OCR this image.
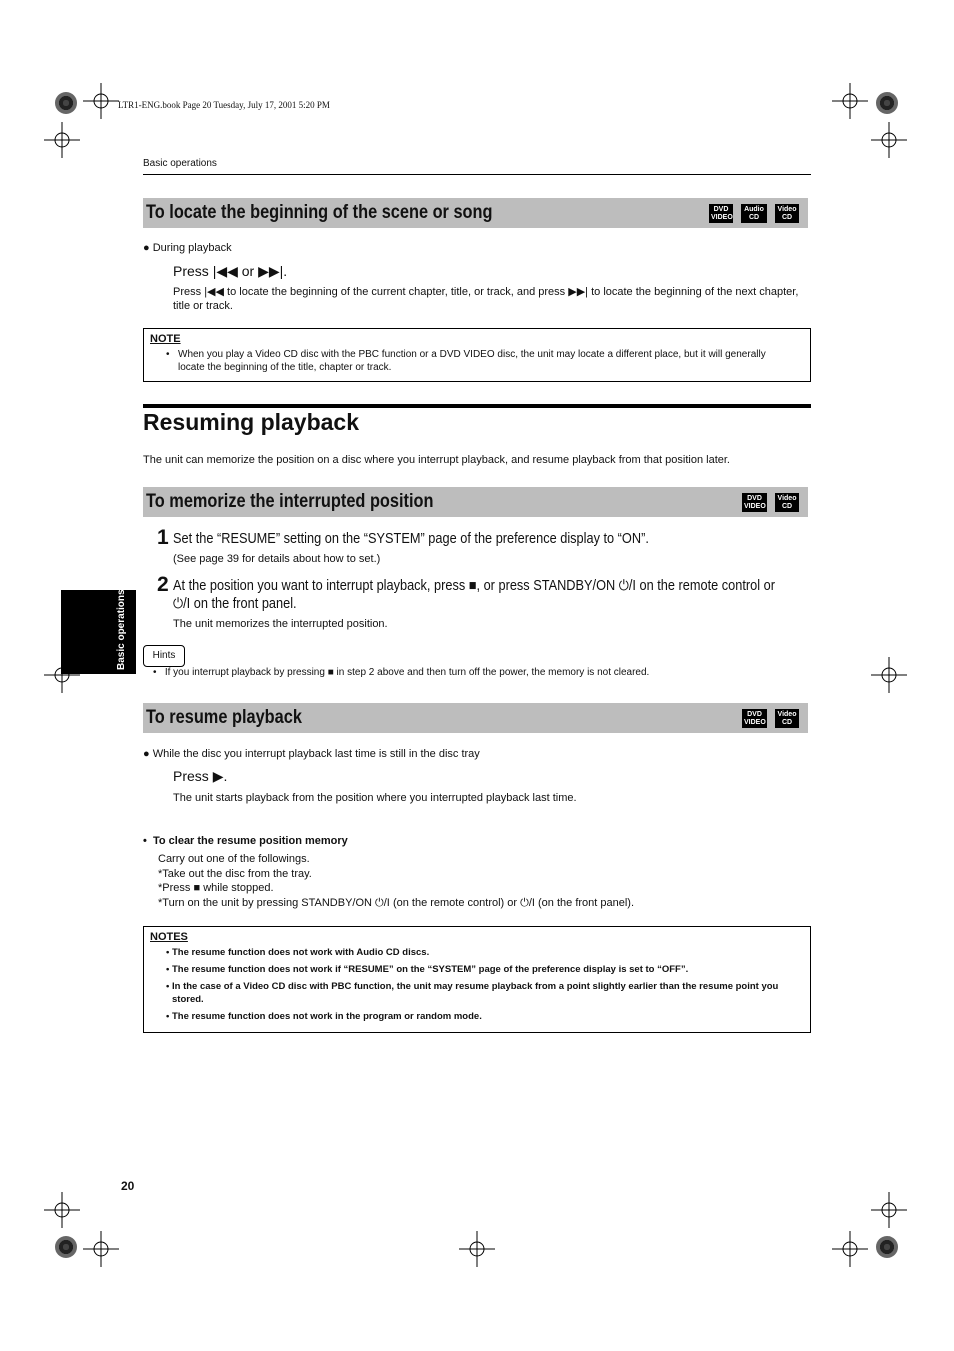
LTR1-ENG.book Page 20 Tuesday, July 17, 2001 5:20 PM
Basic operations
Basic operations
To locate the beginning of the scene or song	DVD VIDEO
Audio CD
Video CD
● During playback
Press |◀◀ or ▶▶|.
Press |◀◀ to locate the beginning of the current chapter, title, or track, and press ▶▶| to locate the beginning of the next chapter, title or track.
NOTE
• When you play a Video CD disc with the PBC function or a DVD VIDEO disc, the unit may locate a different place, but it will generally locate the beginning of the title, chapter or track.
Resuming playback
The unit can memorize the position on a disc where you interrupt playback, and resume playback from that position later.
To memorize the interrupted position	DVD VIDEO
Video CD
1 Set the “RESUME” setting on the “SYSTEM” page of the preference display to “ON”.
(See page 39 for details about how to set.)
2 At the position you want to interrupt playback, press ■, or press STANDBY/ON ⏻/I on the remote control or ⏻/I on the front panel.
The unit memorizes the interrupted position.
Hints
•   If you interrupt playback by pressing ■ in step 2 above and then turn off the power, the memory is not cleared.
To resume playback	DVD VIDEO
Video CD
● While the disc you interrupt playback last time is still in the disc tray
Press ▶.
The unit starts playback from the position where you interrupted playback last time.
•  To clear the resume position memory
Carry out one of the followings.
*Take out the disc from the tray.
*Press ■ while stopped.
*Turn on the unit by pressing STANDBY/ON ⏻/I (on the remote control) or ⏻/I (on the front panel).
NOTES
• The resume function does not work with Audio CD discs.
• The resume function does not work if “RESUME” on the “SYSTEM” page of the preference display is set to “OFF”.
• In the case of a Video CD disc with PBC function, the unit may resume playback from a point slightly earlier than the resume point you stored.
• The resume function does not work in the program or random mode.
20
